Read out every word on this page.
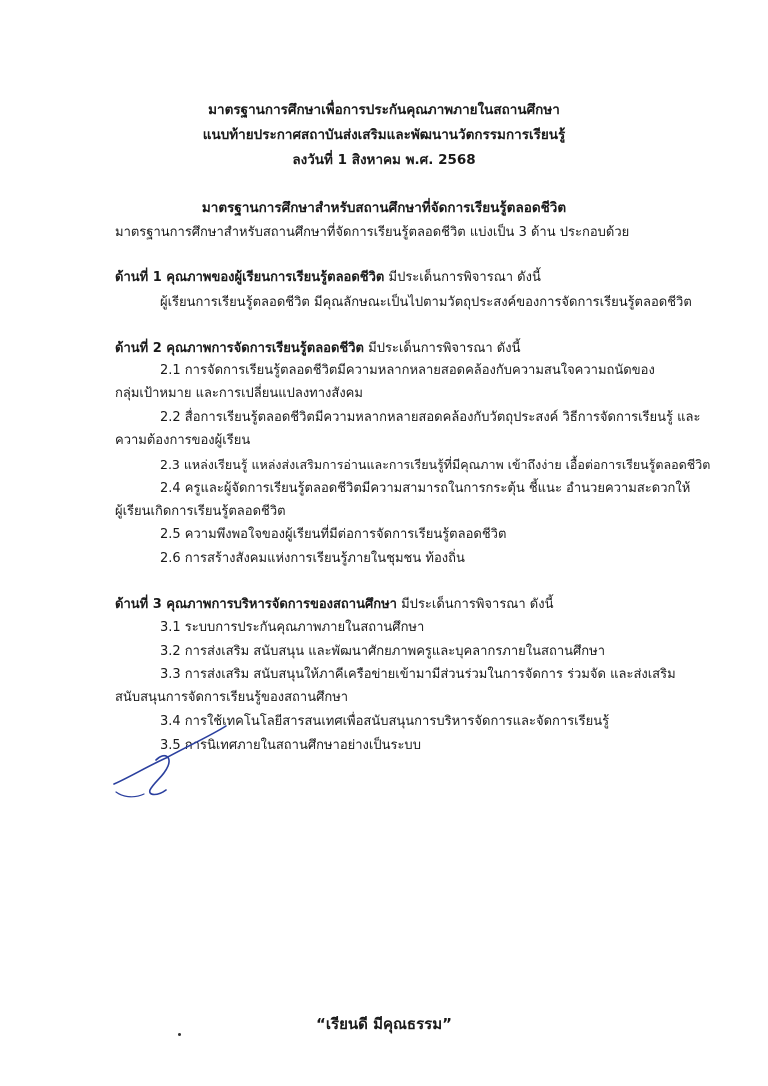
มาตรฐานการศึกษาเพื่อการประกันคุณภาพภายในสถานศึกษา
แนบท้ายประกาศสถาบันส่งเสริมและพัฒนานวัตกรรมการเรียนรู้
ลงวันที่ 1 สิงหาคม พ.ศ. 2568
มาตรฐานการศึกษาสำหรับสถานศึกษาที่จัดการเรียนรู้ตลอดชีวิต
มาตรฐานการศึกษาสำหรับสถานศึกษาที่จัดการเรียนรู้ตลอดชีวิต แบ่งเป็น 3 ด้าน ประกอบด้วย
ด้านที่ 1 คุณภาพของผู้เรียนการเรียนรู้ตลอดชีวิต มีประเด็นการพิจารณา ดังนี้
ผู้เรียนการเรียนรู้ตลอดชีวิต มีคุณลักษณะเป็นไปตามวัตถุประสงค์ของการจัดการเรียนรู้ตลอดชีวิต
ด้านที่ 2 คุณภาพการจัดการเรียนรู้ตลอดชีวิต มีประเด็นการพิจารณา ดังนี้
2.1 การจัดการเรียนรู้ตลอดชีวิตมีความหลากหลายสอดคล้องกับความสนใจความถนัดของ
กลุ่มเป้าหมาย และการเปลี่ยนแปลงทางสังคม
2.2 สื่อการเรียนรู้ตลอดชีวิตมีความหลากหลายสอดคล้องกับวัตถุประสงค์ วิธีการจัดการเรียนรู้ และ
ความต้องการของผู้เรียน
2.3 แหล่งเรียนรู้ แหล่งส่งเสริมการอ่านและการเรียนรู้ที่มีคุณภาพ เข้าถึงง่าย เอื้อต่อการเรียนรู้ตลอดชีวิต
2.4 ครูและผู้จัดการเรียนรู้ตลอดชีวิตมีความสามารถในการกระตุ้น ชี้แนะ อำนวยความสะดวกให้
ผู้เรียนเกิดการเรียนรู้ตลอดชีวิต
2.5 ความพึงพอใจของผู้เรียนที่มีต่อการจัดการเรียนรู้ตลอดชีวิต
2.6 การสร้างสังคมแห่งการเรียนรู้ภายในชุมชน ท้องถิ่น
ด้านที่ 3 คุณภาพการบริหารจัดการของสถานศึกษา มีประเด็นการพิจารณา ดังนี้
3.1 ระบบการประกันคุณภาพภายในสถานศึกษา
3.2 การส่งเสริม สนับสนุน และพัฒนาศักยภาพครูและบุคลากรภายในสถานศึกษา
3.3 การส่งเสริม สนับสนุนให้ภาคีเครือข่ายเข้ามามีส่วนร่วมในการจัดการ ร่วมจัด และส่งเสริม
สนับสนุนการจัดการเรียนรู้ของสถานศึกษา
3.4 การใช้เทคโนโลยีสารสนเทศเพื่อสนับสนุนการบริหารจัดการและจัดการเรียนรู้
3.5 การนิเทศภายในสถานศึกษาอย่างเป็นระบบ
“เรียนดี มีคุณธรรม”
